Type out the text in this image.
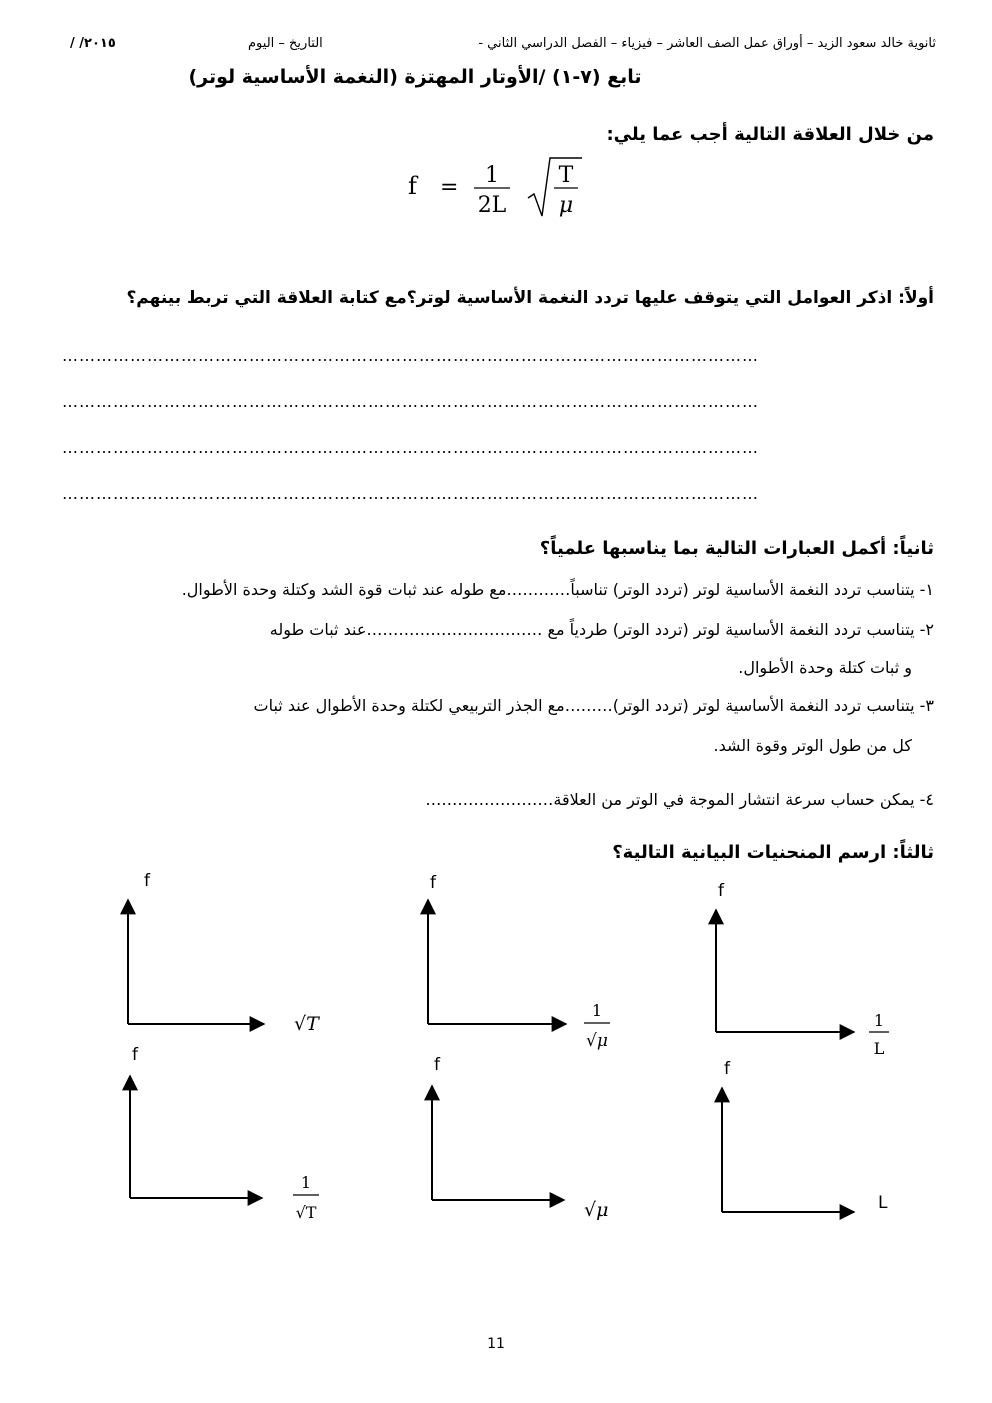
ثانوية خالد سعود الزيد – أوراق عمل الصف العاشر – فيزياء – الفصل الدراسي الثاني -
التاريخ – اليوم
/ /٢٠١٥
تابع (٧-١) /الأوتار المهتزة (النغمة الأساسية لوتر)
من خلال العلاقة التالية أجب عما يلي:
f = 1
2L
T
μ
أولاً: اذكر العوامل التي يتوقف عليها تردد النغمة الأساسية لوتر؟مع كتابة العلاقة التي تربط بينهم؟
……………………………………………………………………………………………………………
……………………………………………………………………………………………………………
……………………………………………………………………………………………………………
……………………………………………………………………………………………………………
ثانياً: أكمل العبارات التالية بما يناسبها علمياً؟
١- يتناسب تردد النغمة الأساسية لوتر (تردد الوتر) تناسباً…………مع طوله عند ثبات قوة الشد وكتلة وحدة الأطوال.
٢- يتناسب تردد النغمة الأساسية لوتر (تردد الوتر) طردياً مع ……………………………عند ثبات طوله
و ثبات كتلة وحدة الأطوال.
٣- يتناسب تردد النغمة الأساسية لوتر (تردد الوتر)………مع الجذر التربيعي لكتلة وحدة الأطوال عند ثبات
كل من طول الوتر وقوة الشد.
٤- يمكن حساب سرعة انتشار الموجة في الوتر من العلاقة……………………
ثالثاً: ارسم المنحنيات البيانية التالية؟
f
√T
f
1
√μ
f
1
L
f
1
√T
f
√μ
f
L
11
